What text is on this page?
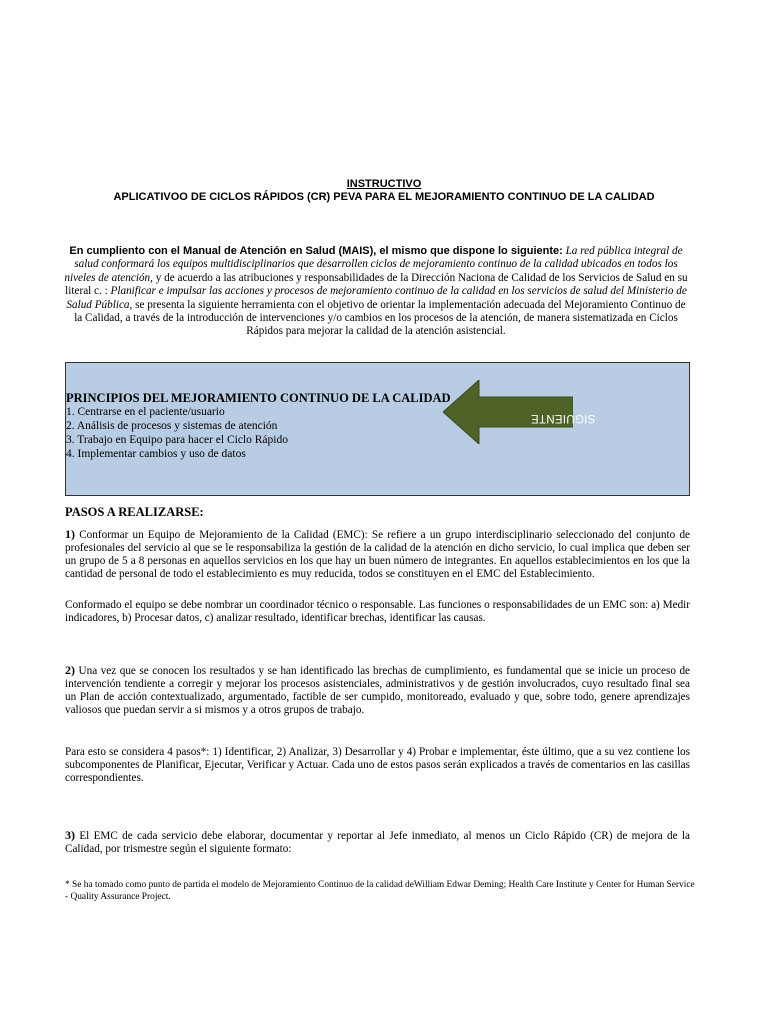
INSTRUCTIVO
APLICATIVOO DE CICLOS RÁPIDOS (CR) PEVA PARA EL MEJORAMIENTO CONTINUO DE LA CALIDAD
En cumpliento con el Manual de Atención en Salud (MAIS), el mismo que dispone lo siguiente: La red pública integral de salud conformará los equipos multidisciplinarios que desarrollen ciclos de mejoramiento continuo de la calidad ubicados en todos los niveles de atención, y de acuerdo a las atribuciones y responsabilidades de la Dirección Naciona de Calidad de los Servicios de Salud en su literal c. : Planificar e impulsar las acciones y procesos de mejoramiento continuo de la calidad en los servicios de salud del Ministerio de Salud Pública, se presenta la siguiente herramienta con el objetivo de orientar la implementación adecuada del Mejoramiento Continuo de la Calidad, a través de la introducción de intervenciones y/o cambios en los procesos de la atención, de manera sistematizada en Ciclos Rápidos para mejorar la calidad de la atención asistencial.
PRINCIPIOS DEL MEJORAMIENTO CONTINUO DE LA CALIDAD
1. Centrarse en el paciente/usuario
2. Análisis de procesos y sistemas de atención
3. Trabajo en Equipo para hacer el Ciclo Rápido
4. Implementar cambios y uso de datos
SIGUIENTE
PASOS A REALIZARSE:
1) Conformar un Equipo de Mejoramiento de la Calidad (EMC): Se refiere a un grupo interdisciplinario seleccionado del conjunto de profesionales del servicio al que se le responsabiliza la gestión de la calidad de la atención en dicho servicio, lo cual implica que deben ser un grupo de 5 a 8 personas en aquellos servicios en los que hay un buen número de integrantes. En aquellos establecimientos en los que la cantidad de personal de todo el establecimiento es muy reducida, todos se constituyen en el EMC del Establecimiento.
Conformado el equipo se debe nombrar un coordinador técnico o responsable. Las funciones o responsabilidades de un EMC son: a) Medir indicadores, b) Procesar datos, c) analizar resultado, identificar brechas, identificar las causas.
2) Una vez que se conocen los resultados y se han identificado las brechas de cumplimiento, es fundamental que se inicie un proceso de intervención tendiente a corregir y mejorar los procesos asistenciales, administrativos y de gestión involucrados, cuyo resultado final sea un Plan de acción contextualizado, argumentado, factible de ser cumpido, monitoreado, evaluado y que, sobre todo, genere aprendizajes valiosos que puedan servir a si mismos y a otros grupos de trabajo.
Para esto se considera 4 pasos*: 1) Identificar, 2) Analizar, 3) Desarrollar y 4) Probar e implementar, éste último, que a su vez contiene los subcomponentes de Planificar, Ejecutar, Verificar y Actuar. Cada uno de estos pasos serán explicados a través de comentarios en las casillas correspondientes.
3) El EMC de cada servicio debe elaborar, documentar y reportar al Jefe inmediato, al menos un Ciclo Rápido (CR) de mejora de la Calidad, por trismestre según el siguiente formato:
* Se ha tomado como punto de partida el modelo de Mejoramiento Continuo de la calidad deWilliam Edwar Deming; Health Care Institute y Center for Human Service - Quality Assurance Project.
